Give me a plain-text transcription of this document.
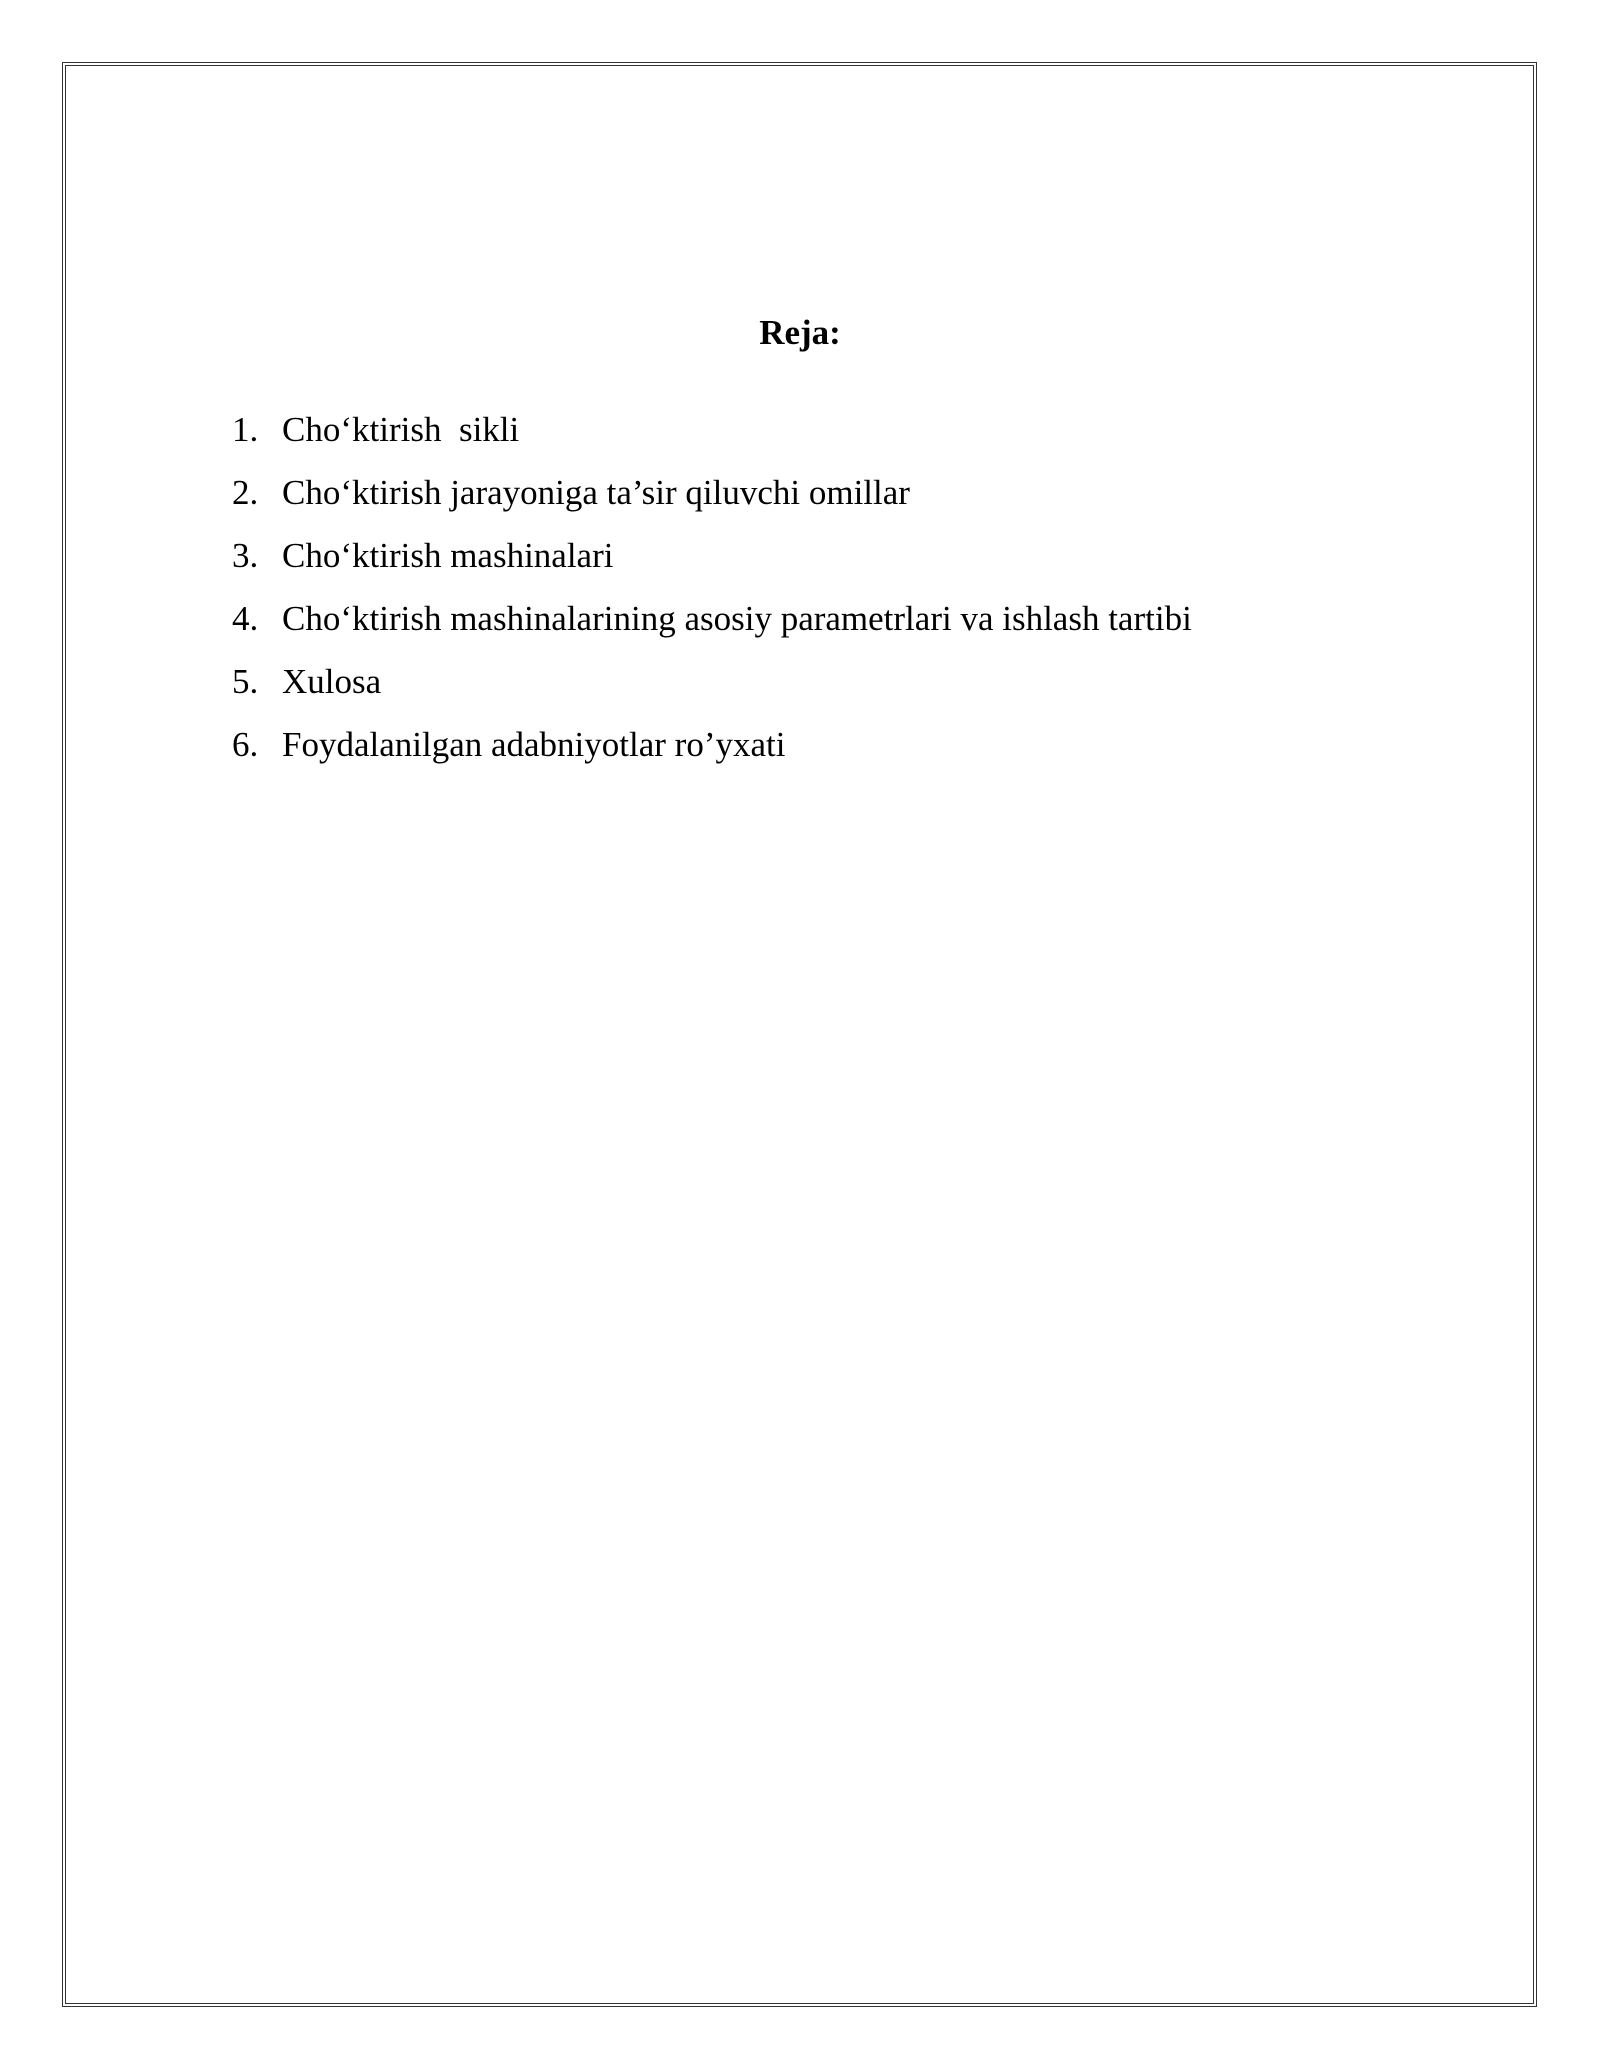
Reja:
1. Cho‘ktirish  sikli
2. Cho‘ktirish jarayoniga ta’sir qiluvchi omillar
3. Cho‘ktirish mashinalari
4. Cho‘ktirish mashinalarining asosiy parametrlari va ishlash tartibi
5. Xulosa
6. Foydalanilgan adabniyotlar ro’yxati
